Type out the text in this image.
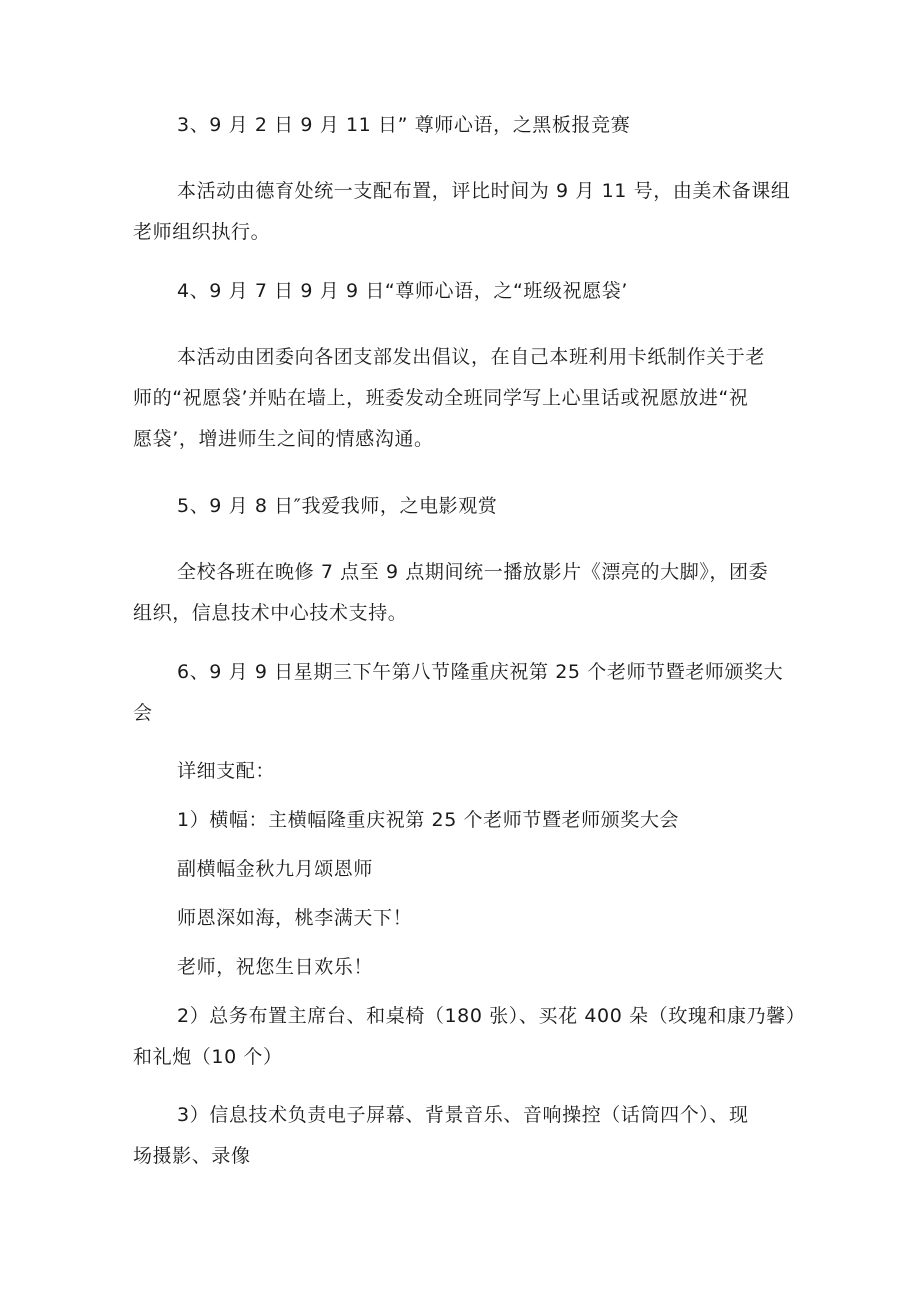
3、9 月 2 日 9 月 11 日” 尊师心语，之黑板报竞赛

本活动由德育处统一支配布置，评比时间为 9 月 11 号，由美术备课组
老师组织执行。

4、9 月 7 日 9 月 9 日“尊师心语，之“班级祝愿袋’

本活动由团委向各团支部发出倡议，在自己本班利用卡纸制作关于老
师的“祝愿袋’并贴在墙上，班委发动全班同学写上心里话或祝愿放进“祝
愿袋’，增进师生之间的情感沟通。

5、9 月 8 日″我爱我师，之电影观赏

全校各班在晚修 7 点至 9 点期间统一播放影片《漂亮的大脚》，团委
组织，信息技术中心技术支持。

6、9 月 9 日星期三下午第八节隆重庆祝第 25 个老师节暨老师颁奖大
会

详细支配：

1）横幅：主横幅隆重庆祝第 25 个老师节暨老师颁奖大会

副横幅金秋九月颂恩师

师恩深如海，桃李满天下！

老师，祝您生日欢乐！

2）总务布置主席台、和桌椅（180 张）、买花 400 朵（玫瑰和康乃馨）
和礼炮（10 个）

3）信息技术负责电子屏幕、背景音乐、音响操控（话筒四个）、现
场摄影、录像
